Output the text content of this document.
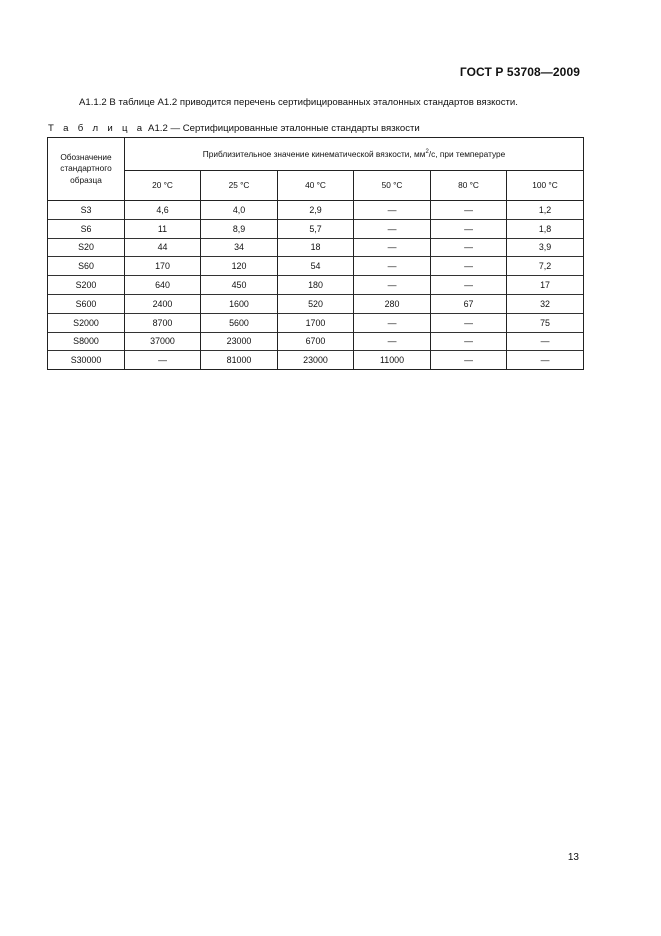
ГОСТ Р 53708—2009
А1.1.2 В таблице А1.2 приводится перечень сертифицированных эталонных стандартов вязкости.
Т а б л и ц а А1.2 — Сертифицированные эталонные стандарты вязкости
Обозначение стандартного образца	Приблизительное значение кинематической вязкости, $мм^2/с$, при температуре					
	20 °С	25 °С	40 °С	50 °С	80 °С	100 °С
S3	4,6	4,0	2,9	—	—	1,2
S6	11	8,9	5,7	—	—	1,8
S20	44	34	18	—	—	3,9
S60	170	120	54	—	—	7,2
S200	640	450	180	—	—	17
S600	2400	1600	520	280	67	32
S2000	8700	5600	1700	—	—	75
S8000	37000	23000	6700	—	—	—
S30000	—	81000	23000	11000	—	—
13
